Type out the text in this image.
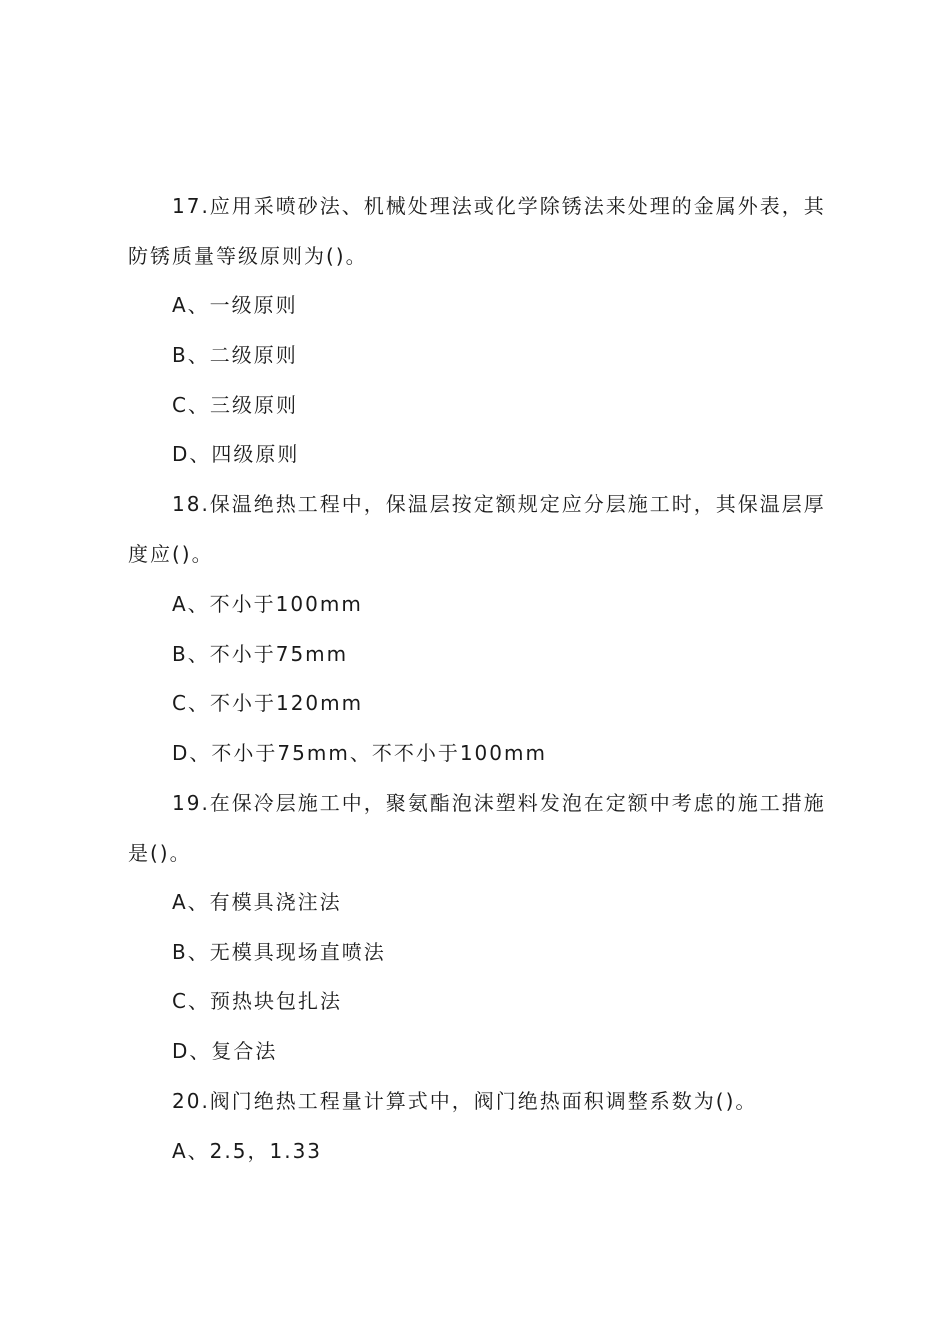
17.应用采喷砂法、机械处理法或化学除锈法来处理的金属外表，其
防锈质量等级原则为()。
A、一级原则
B、二级原则
C、三级原则
D、四级原则
18.保温绝热工程中，保温层按定额规定应分层施工时，其保温层厚
度应()。
A、不小于100mm
B、不小于75mm
C、不小于120mm
D、不小于75mm、不不小于100mm
19.在保冷层施工中，聚氨酯泡沫塑料发泡在定额中考虑的施工措施
是()。
A、有模具浇注法
B、无模具现场直喷法
C、预热块包扎法
D、复合法
20.阀门绝热工程量计算式中，阀门绝热面积调整系数为()。
A、2.5，1.33
